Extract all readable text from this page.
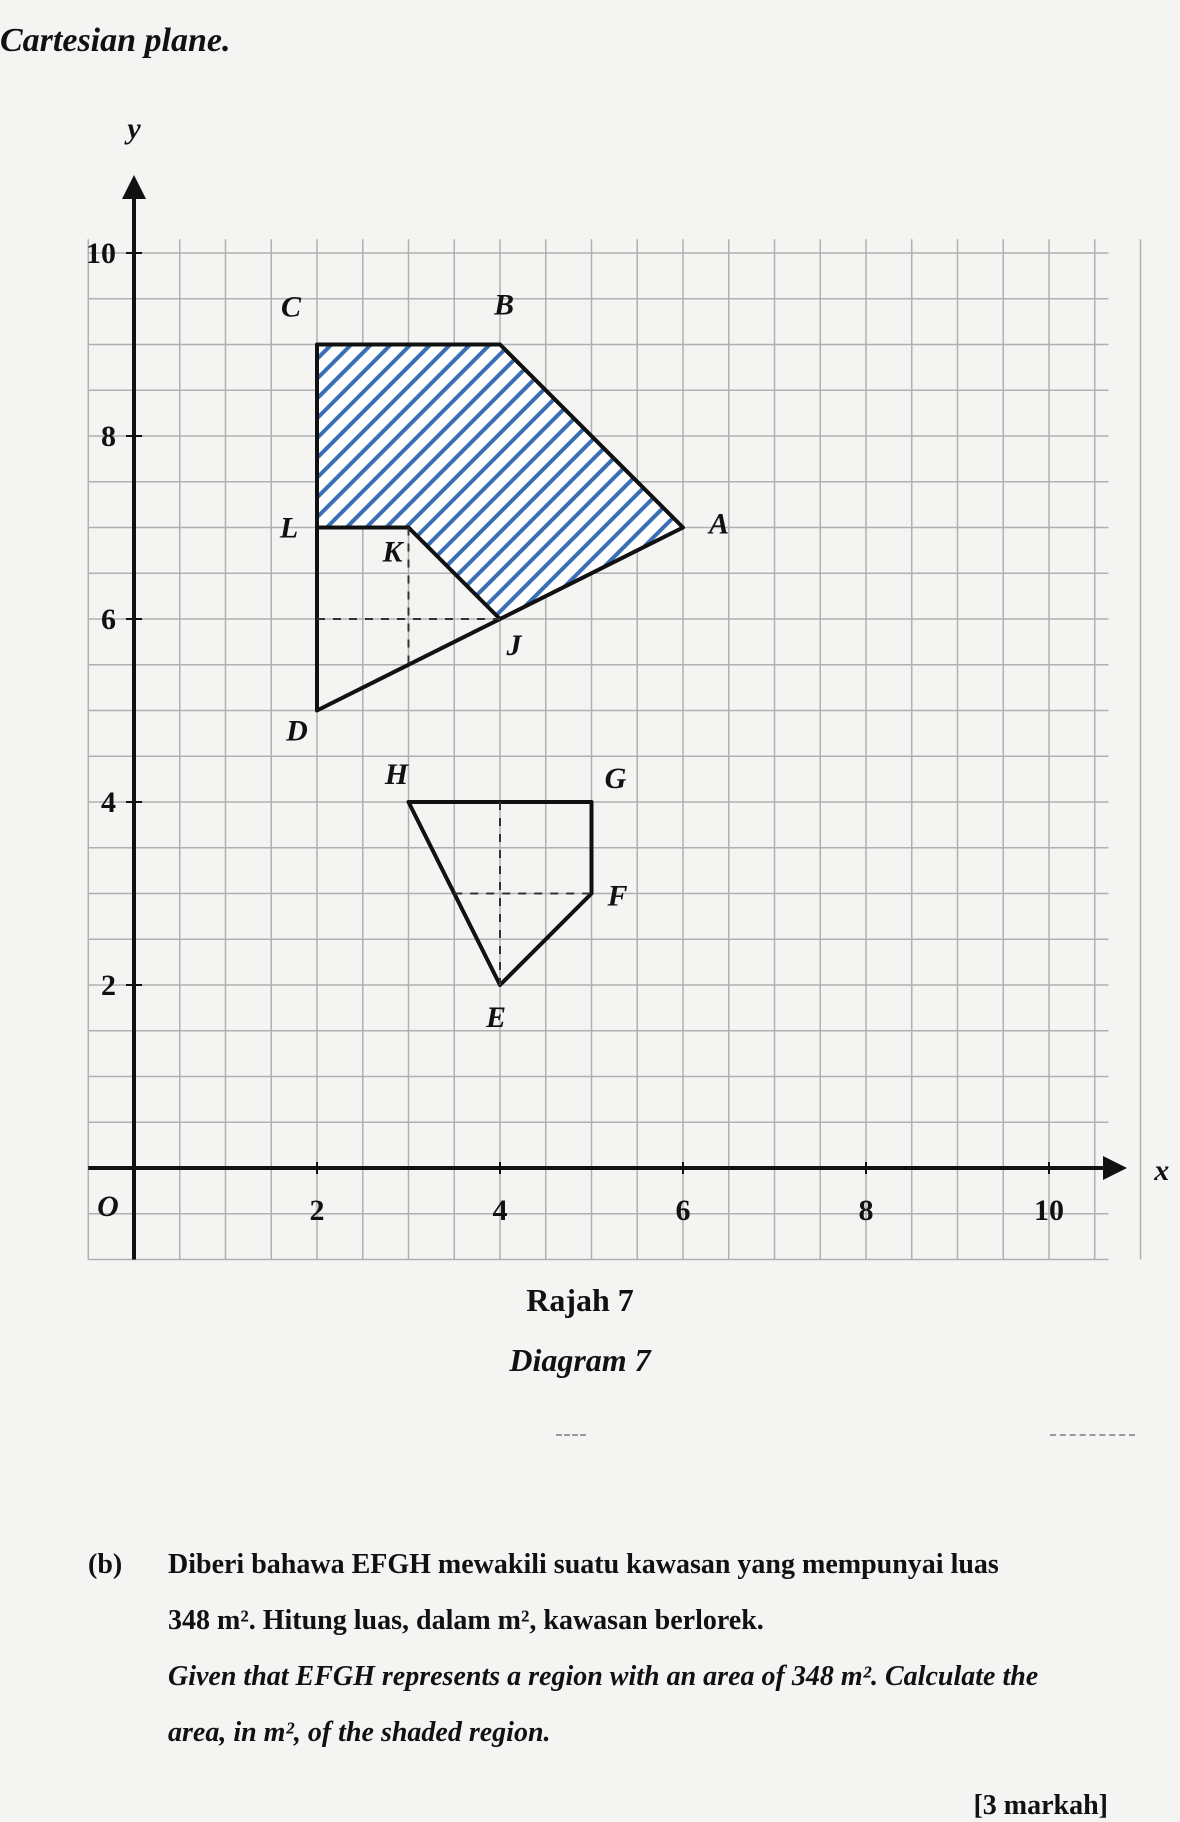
Cartesian plane.
2	4	6	8	10
2
4
6
8
10
O
x
y
A
B
C
L
K
J
D
H	G
F
E
Rajah 7
Diagram 7
(b) Diberi bahawa EFGH mewakili suatu kawasan yang mempunyai luas
348 m². Hitung luas, dalam m², kawasan berlorek.
Given that EFGH represents a region with an area of 348 m². Calculate the
area, in m², of the shaded region.
[3 markah]
